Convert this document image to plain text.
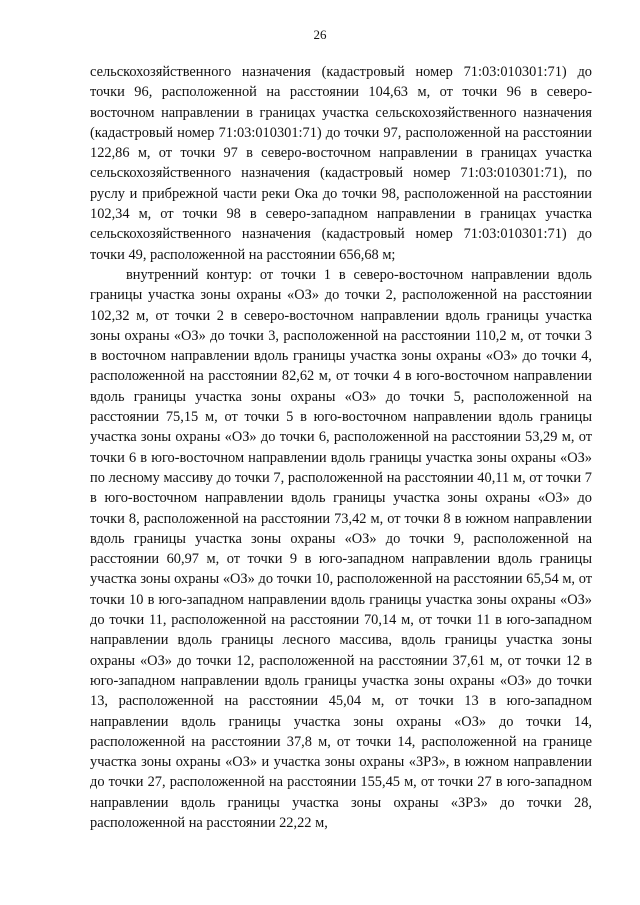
26

сельскохозяйственного назначения (кадастровый номер 71:03:010301:71) до точки 96, расположенной на расстоянии 104,63 м, от точки 96 в северо-восточном направлении в границах участка сельскохозяйственного назначения (кадастровый номер 71:03:010301:71) до точки 97, расположенной на расстоянии 122,86 м, от точки 97 в северо-восточном направлении в границах участка сельскохозяйственного назначения (кадастровый номер 71:03:010301:71), по руслу и прибрежной части реки Ока до точки 98, расположенной на расстоянии 102,34 м, от точки 98 в северо-западном направлении в границах участка сельскохозяйственного назначения (кадастровый номер 71:03:010301:71) до точки 49, расположенной на расстоянии 656,68 м;

внутренний контур: от точки 1 в северо-восточном направлении вдоль границы участка зоны охраны «ОЗ» до точки 2, расположенной на расстоянии 102,32 м, от точки 2 в северо-восточном направлении вдоль границы участка зоны охраны «ОЗ» до точки 3, расположенной на расстоянии 110,2 м, от точки 3 в восточном направлении вдоль границы участка зоны охраны «ОЗ» до точки 4, расположенной на расстоянии 82,62 м, от точки 4 в юго-восточном направлении вдоль границы участка зоны охраны «ОЗ» до точки 5, расположенной на расстоянии 75,15 м, от точки 5 в юго-восточном направлении вдоль границы участка зоны охраны «ОЗ» до точки 6, расположенной на расстоянии 53,29 м, от точки 6 в юго-восточном направлении вдоль границы участка зоны охраны «ОЗ» по лесному массиву до точки 7, расположенной на расстоянии 40,11 м, от точки 7 в юго-восточном направлении вдоль границы участка зоны охраны «ОЗ» до точки 8, расположенной на расстоянии 73,42 м, от точки 8 в южном направлении вдоль границы участка зоны охраны «ОЗ» до точки 9, расположенной на расстоянии 60,97 м, от точки 9 в юго-западном направлении вдоль границы участка зоны охраны «ОЗ» до точки 10, расположенной на расстоянии 65,54 м, от точки 10 в юго-западном направлении вдоль границы участка зоны охраны «ОЗ» до точки 11, расположенной на расстоянии 70,14 м, от точки 11 в юго-западном направлении вдоль границы лесного массива, вдоль границы участка зоны охраны «ОЗ» до точки 12, расположенной на расстоянии 37,61 м, от точки 12 в юго-западном направлении вдоль границы участка зоны охраны «ОЗ» до точки 13, расположенной на расстоянии 45,04 м, от точки 13 в юго-западном направлении вдоль границы участка зоны охраны «ОЗ» до точки 14, расположенной на расстоянии 37,8 м, от точки 14, расположенной на границе участка зоны охраны «ОЗ» и участка зоны охраны «ЗРЗ», в южном направлении до точки 27, расположенной на расстоянии 155,45 м, от точки 27 в юго-западном направлении вдоль границы участка зоны охраны «ЗРЗ» до точки 28, расположенной на расстоянии 22,22 м,
